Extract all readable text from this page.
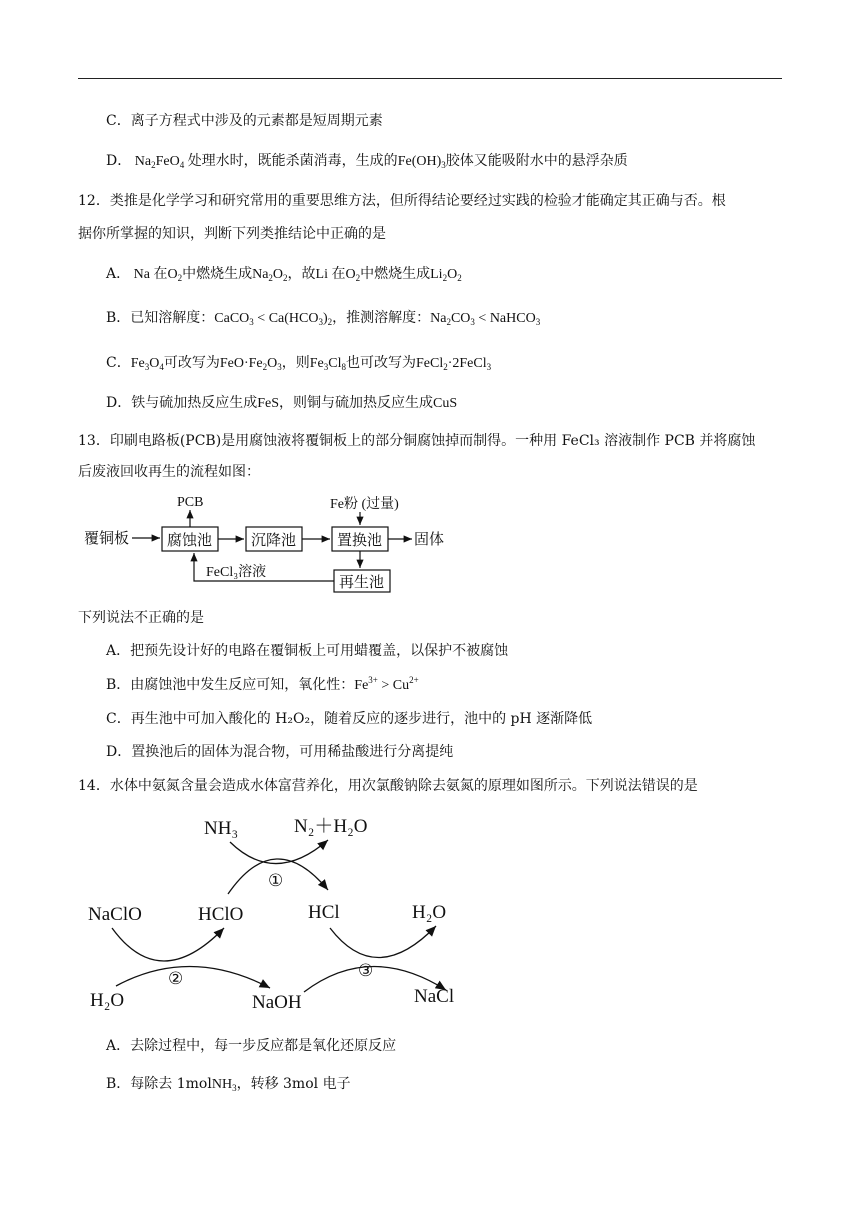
C．离子方程式中涉及的元素都是短周期元素
D． $Na_2FeO_4$ 处理水时，既能杀菌消毒，生成的$Fe(OH)_3$胶体又能吸附水中的悬浮杂质
12．类推是化学学习和研究常用的重要思维方法，但所得结论要经过实践的检验才能确定其正确与否。根
据你所掌握的知识，判断下列类推结论中正确的是
A． Na 在$O_2$中燃烧生成$Na_2O_2$，故Li 在$O_2$中燃烧生成$Li_2O_2$
B．已知溶解度：CaCO$_3$ < $Ca(HCO_3)_2$，推测溶解度：$Na_2CO_3$ < NaHCO$_3$
C．$Fe_3O_4$可改写为$FeO\cdot Fe_2O_3$，则$Fe_3Cl_8$也可改写为FeCl$_2$·2FeCl$_3$
D．铁与硫加热反应生成FeS，则铜与硫加热反应生成CuS
13．印刷电路板(PCB)是用腐蚀液将覆铜板上的部分铜腐蚀掉而制得。一种用 FeCl₃ 溶液制作 PCB 并将腐蚀
后废液回收再生的流程如图：
覆铜板	腐蚀池
PCB
沉降池	置换池
Fe粉 (过量)
固体
再生池
FeCl₃溶液
下列说法不正确的是
A．把预先设计好的电路在覆铜板上可用蜡覆盖，以保护不被腐蚀
B．由腐蚀池中发生反应可知，氧化性：$Fe^{3+} > Cu^{2+}$
C．再生池中可加入酸化的 H₂O₂，随着反应的逐步进行，池中的 pH 逐渐降低
D．置换池后的固体为混合物，可用稀盐酸进行分离提纯
14．水体中氨氮含量会造成水体富营养化，用次氯酸钠除去氨氮的原理如图所示。下列说法错误的是
NH₃	N₂＋H₂O
①
HClO	HCl
NaClO
②
H₂O	NaOH
H₂O
③
NaCl
A．去除过程中，每一步反应都是氧化还原反应
B．每除去 1molNH$_3$，转移 3mol 电子
